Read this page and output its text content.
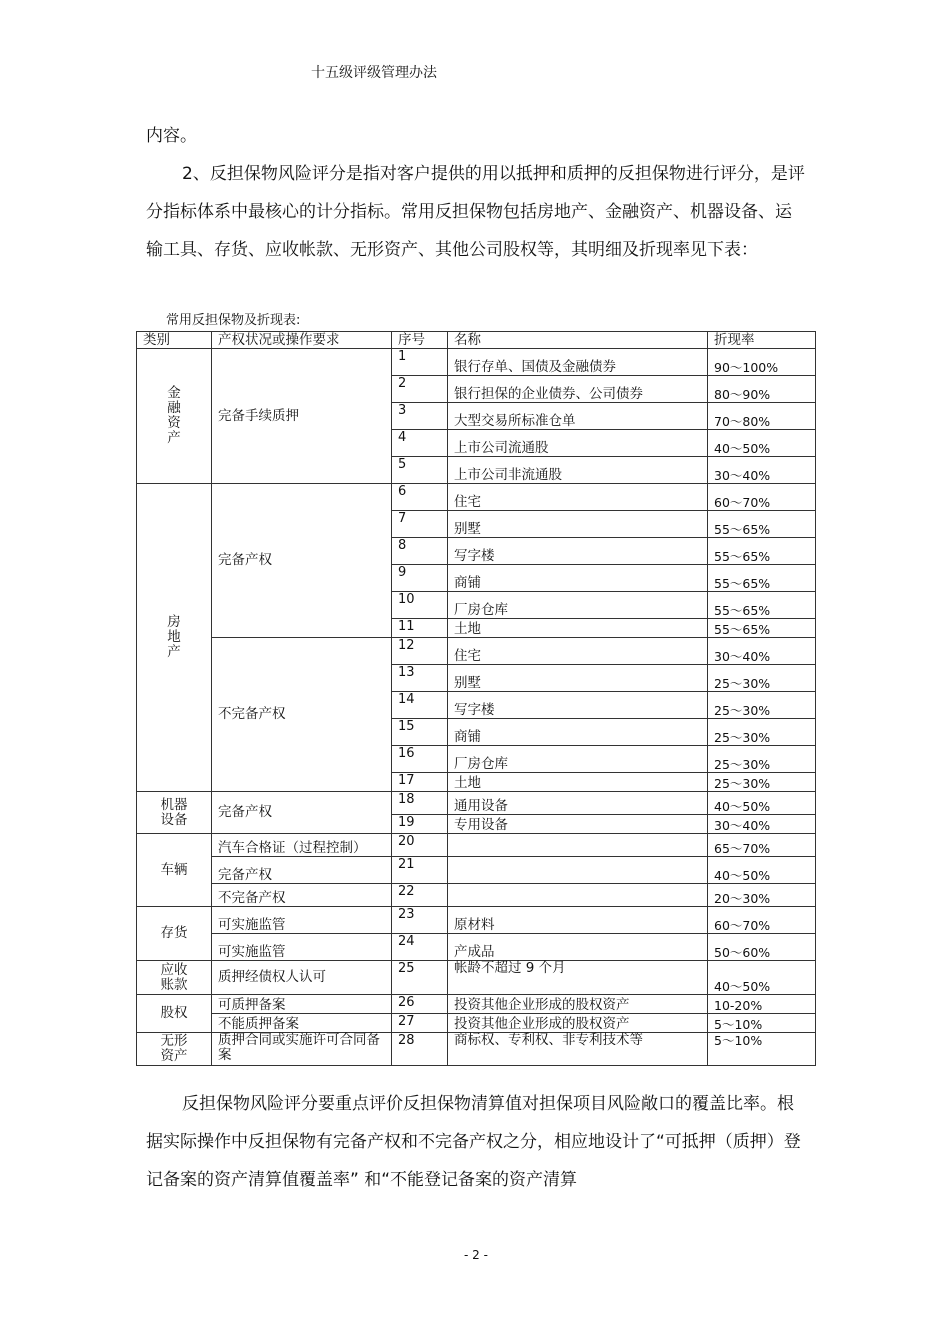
十五级评级管理办法

内容。

2、反担保物风险评分是指对客户提供的用以抵押和质押的反担保物进行评分，是评分指标体系中最核心的计分指标。常用反担保物包括房地产、金融资产、机器设备、运输工具、存货、应收帐款、无形资产、其他公司股权等，其明细及折现率见下表：

常用反担保物及折现表:
类别	产权状况或操作要求	序号	名称	折现率
金融资产	完备手续质押	1	银行存单、国债及金融债券	90～100%
		2	银行担保的企业债券、公司债券	80～90%
		3	大型交易所标准仓单	70～80%
		4	上市公司流通股	40～50%
		5	上市公司非流通股	30～40%
房地产	完备产权	6	住宅	60～70%
		7	别墅	55～65%
		8	写字楼	55～65%
		9	商铺	55～65%
		10	厂房仓库	55～65%
		11	土地	55～65%
	不完备产权	12	住宅	30～40%
		13	别墅	25～30%
		14	写字楼	25～30%
		15	商铺	25～30%
		16	厂房仓库	25～30%
		17	土地	25～30%
机器设备	完备产权	18	通用设备	40～50%
		19	专用设备	30～40%
车辆	汽车合格证（过程控制）	20		65～70%
	完备产权	21		40～50%
	不完备产权	22		20～30%
存货	可实施监管	23	原材料	60～70%
	可实施监管	24	产成品	50～60%
应收账款	质押经债权人认可	25	帐龄不超过 9 个月	40～50%
股权	可质押备案	26	投资其他企业形成的股权资产	10-20%
	不能质押备案	27	投资其他企业形成的股权资产	5～10%
无形资产	质押合同或实施许可合同备案	28	商标权、专利权、非专利技术等	5～10%

反担保物风险评分要重点评价反担保物清算值对担保项目风险敞口的覆盖比率。根据实际操作中反担保物有完备产权和不完备产权之分，相应地设计了“可抵押（质押）登记备案的资产清算值覆盖率” 和“不能登记备案的资产清算

- 2 -
